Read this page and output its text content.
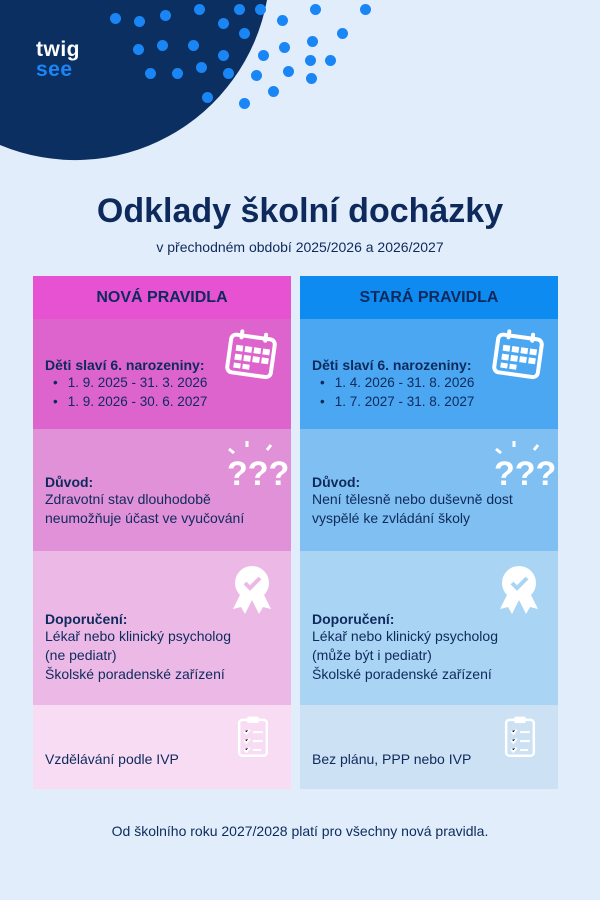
twig
see
Odklady školní docházky
v přechodném období 2025/2026 a 2026/2027
NOVÁ PRAVIDLA
Děti slaví 6. narozeniny:
• 1. 9. 2025 - 31. 3. 2026
• 1. 9. 2026 - 30. 6. 2027
???
Důvod:
Zdravotní stav dlouhodobě neumožňuje účast ve vyučování
Doporučení:
Lékař nebo klinický psycholog
(ne pediatr)
Školské poradenské zařízení
Vzdělávání podle IVP
STARÁ PRAVIDLA
Děti slaví 6. narozeniny:
• 1. 4. 2026 - 31. 8. 2026
• 1. 7. 2027 - 31. 8. 2027
???
Důvod:
Není tělesně nebo duševně dost vyspělé ke zvládání školy
Doporučení:
Lékař nebo klinický psycholog
(může být i pediatr)
Školské poradenské zařízení
Bez plánu, PPP nebo IVP
Od školního roku 2027/2028 platí pro všechny nová pravidla.
